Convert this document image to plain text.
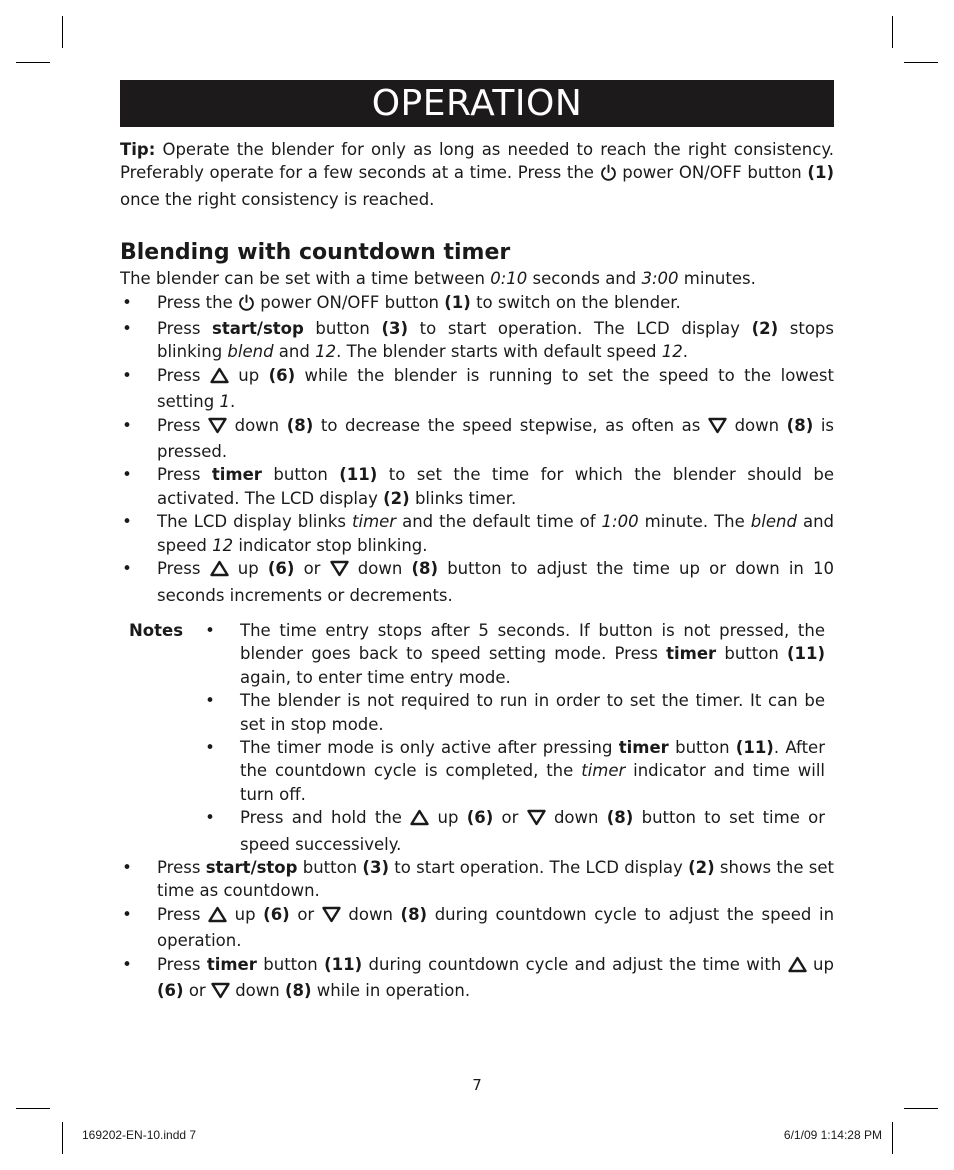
OPERATION

Tip: Operate the blender for only as long as needed to reach the right consistency. Preferably operate for a few seconds at a time. Press the  power ON/OFF button (1) once the right consistency is reached.

Blending with countdown timer

The blender can be set with a time between 0:10 seconds and 3:00 minutes.

• Press the  power ON/OFF button (1) to switch on the blender.
• Press start/stop button (3) to start operation. The LCD display (2) stops blinking blend and 12. The blender starts with default speed 12.
• Press  up (6) while the blender is running to set the speed to the lowest setting 1.
• Press  down (8) to decrease the speed stepwise, as often as  down (8) is pressed.
• Press timer button (11) to set the time for which the blender should be activated. The LCD display (2) blinks timer.
• The LCD display blinks timer and the default time of 1:00 minute. The blend and speed 12 indicator stop blinking.
• Press  up (6) or  down (8) button to adjust the time up or down in 10 seconds increments or decrements.
Notes • The time entry stops after 5 seconds. If button is not pressed, the blender goes back to speed setting mode. Press timer button (11) again, to enter time entry mode.
• The blender is not required to run in order to set the timer. It can be set in stop mode.
• The timer mode is only active after pressing timer button (11). After the countdown cycle is completed, the timer indicator and time will turn off.
• Press and hold the  up (6) or  down (8) button to set time or speed successively.
• Press start/stop button (3) to start operation. The LCD display (2) shows the set time as countdown.
• Press  up (6) or  down (8) during countdown cycle to adjust the speed in operation.
• Press timer button (11) during countdown cycle and adjust the time with  up (6) or  down (8) while in operation.
7
169202-EN-10.indd 7	6/1/09 1:14:28 PM
